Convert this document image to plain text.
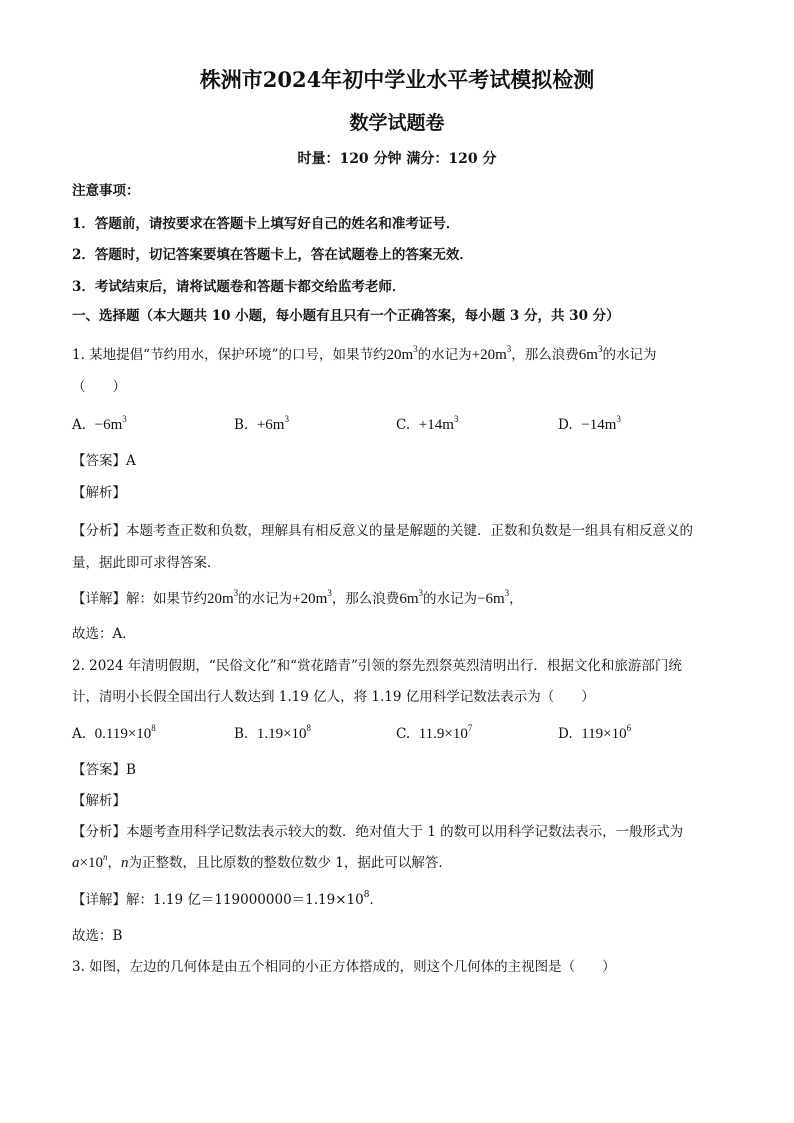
株洲市2024年初中学业水平考试模拟检测
数学试题卷
时量：120 分钟 满分：120 分
注意事项：
1．答题前，请按要求在答题卡上填写好自己的姓名和准考证号．
2．答题时，切记答案要填在答题卡上，答在试题卷上的答案无效．
3．考试结束后，请将试题卷和答题卡都交给监考老师．
一、选择题（本大题共 10 小题，每小题有且只有一个正确答案，每小题 3 分，共 30 分）
1. 某地提倡“节约用水，保护环境”的口号，如果节约$20m^3$的水记为$+20m^3$，那么浪费$6m^3$的水记为
（　　）
A. $-6m^3$	B. $+6m^3$	C. $+14m^3$	D. $-14m^3$
【答案】A
【解析】
【分析】本题考查正数和负数，理解具有相反意义的量是解题的关键．正数和负数是一组具有相反意义的
量，据此即可求得答案．
【详解】解：如果节约$20m^3$的水记为$+20m^3$，那么浪费$6m^3$的水记为$-6m^3$，
故选：A．
2. 2024 年清明假期，“民俗文化”和“赏花踏青”引领的祭先烈祭英烈清明出行．根据文化和旅游部门统
计，清明小长假全国出行人数达到 1.19 亿人，将 1.19 亿用科学记数法表示为（　　）
A. $0.119\times 10^8$	B. $1.19\times 10^8$	C. $11.9\times 10^7$	D. $119\times 10^6$
【答案】B
【解析】
【分析】本题考查用科学记数法表示较大的数．绝对值大于 1 的数可以用科学记数法表示，一般形式为
$a\times 10^n$，n为正整数，且比原数的整数位数少 1，据此可以解答．
【详解】解：1.19 亿$=119000000=1.19\times 10^8$．
故选：B
3. 如图，左边的几何体是由五个相同的小正方体搭成的，则这个几何体的主视图是（　　）
